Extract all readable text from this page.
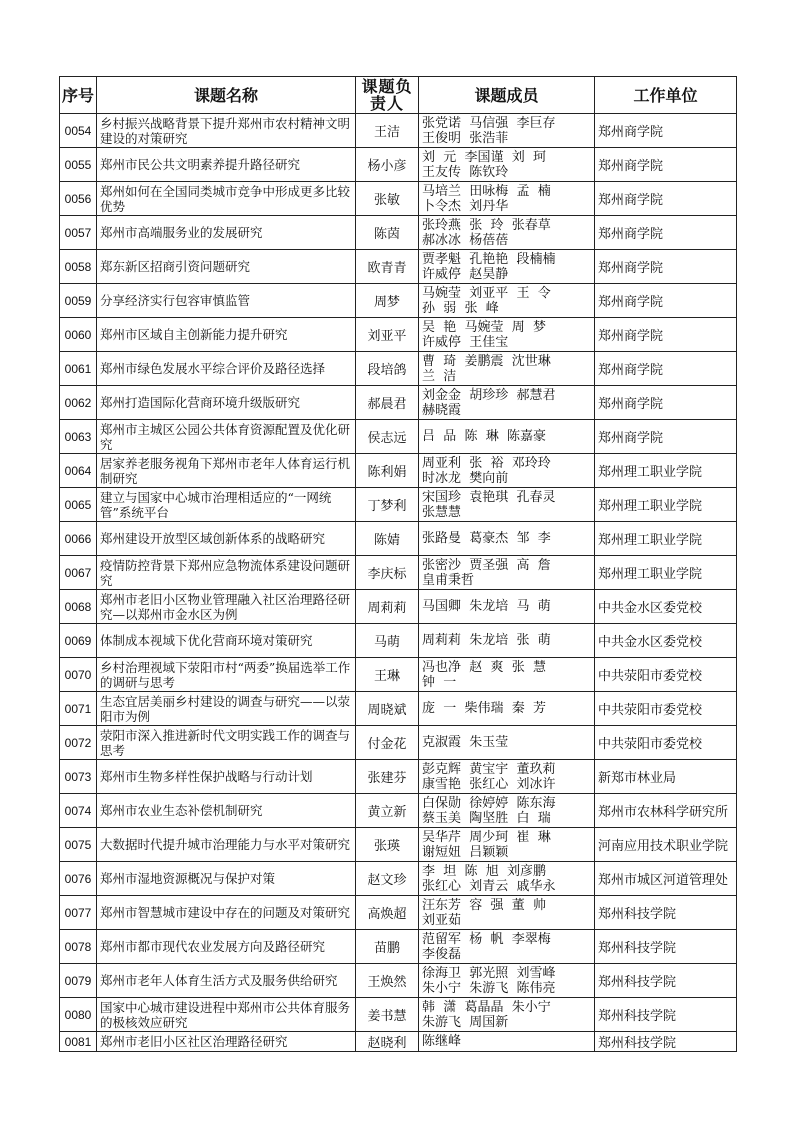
序号	课题名称	课题负责人	课题成员	工作单位
0054	乡村振兴战略背景下提升郑州市农村精神文明建设的对策研究	王洁	张党诺  马信强  李巨存
王俊明  张浩菲	郑州商学院
0055	郑州市民公共文明素养提升路径研究	杨小彦	刘  元  李国谨  刘  珂
王友传  陈钦玲	郑州商学院
0056	郑州如何在全国同类城市竞争中形成更多比较优势	张敏	马培兰  田咏梅  孟  楠
卜令杰  刘丹华	郑州商学院
0057	郑州市高端服务业的发展研究	陈茵	张玲燕  张  玲  张春草
郝冰冰  杨蓓蓓	郑州商学院
0058	郑东新区招商引资问题研究	欧青青	贾孝魁  孔艳艳  段楠楠
许威停  赵昊静	郑州商学院
0059	分享经济实行包容审慎监管	周梦	马婉莹  刘亚平  王  令
孙  弱  张  峰	郑州商学院
0060	郑州市区域自主创新能力提升研究	刘亚平	吴  艳  马婉莹  周  梦
许威停  王佳宝	郑州商学院
0061	郑州市绿色发展水平综合评价及路径选择	段培鸽	曹  琦  姜鹏震  沈世琳
兰  洁	郑州商学院
0062	郑州打造国际化营商环境升级版研究	郝晨君	刘金金  胡珍珍  郝慧君
赫晓霞	郑州商学院
0063	郑州市主城区公园公共体育资源配置及优化研究	侯志远	吕  品  陈  琳  陈嘉豪	郑州商学院
0064	居家养老服务视角下郑州市老年人体育运行机制研究	陈利娟	周亚利  张  裕  邓玲玲
时冰龙  樊向前	郑州理工职业学院
0065	建立与国家中心城市治理相适应的“一网统管”系统平台	丁梦利	宋国珍  袁艳琪  孔春灵
张慧慧	郑州理工职业学院
0066	郑州建设开放型区域创新体系的战略研究	陈婧	张路曼  葛豪杰  邹  李	郑州理工职业学院
0067	疫情防控背景下郑州应急物流体系建设问题研究	李庆标	张密沙  贾圣强  高  詹
皇甫秉哲	郑州理工职业学院
0068	郑州市老旧小区物业管理融入社区治理路径研究—以郑州市金水区为例	周莉莉	马国卿  朱龙培  马  萌	中共金水区委党校
0069	体制成本视域下优化营商环境对策研究	马萌	周莉莉  朱龙培  张  萌	中共金水区委党校
0070	乡村治理视域下荥阳市村“两委”换届选举工作的调研与思考	王琳	冯也净  赵  爽  张  慧
钟  一	中共荥阳市委党校
0071	生态宜居美丽乡村建设的调查与研究——以荥阳市为例	周晓斌	庞  一  柴伟瑞  秦  芳	中共荥阳市委党校
0072	荥阳市深入推进新时代文明实践工作的调查与思考	付金花	克淑霞  朱玉莹	中共荥阳市委党校
0073	郑州市生物多样性保护战略与行动计划	张建芬	彭克辉  黄宝宇  董玖莉
康雪艳  张红心  刘冰许	新郑市林业局
0074	郑州市农业生态补偿机制研究	黄立新	白保勋  徐婷婷  陈东海
蔡玉美  陶坚胜  白  瑞	郑州市农林科学研究所
0075	大数据时代提升城市治理能力与水平对策研究	张瑛	吴华芹  周少珂  崔  琳
谢短妞  吕颖颖	河南应用技术职业学院
0076	郑州市湿地资源概况与保护对策	赵文珍	李  坦  陈  旭  刘彦鹏
张红心  刘青云  戚华永	郑州市城区河道管理处
0077	郑州市智慧城市建设中存在的问题及对策研究	高焕超	汪东芳  容  强  董  帅
刘亚茹	郑州科技学院
0078	郑州市都市现代农业发展方向及路径研究	苗鹏	范留军  杨  帆  李翠梅
李俊磊	郑州科技学院
0079	郑州市老年人体育生活方式及服务供给研究	王焕然	徐海卫  郭光照  刘雪峰
朱小宁  朱游飞  陈伟亮	郑州科技学院
0080	国家中心城市建设进程中郑州市公共体育服务的极核效应研究	姜书慧	韩  潇  葛晶晶  朱小宁
朱游飞  周国新	郑州科技学院
0081	郑州市老旧小区社区治理路径研究	赵晓利	陈继峰	郑州科技学院
